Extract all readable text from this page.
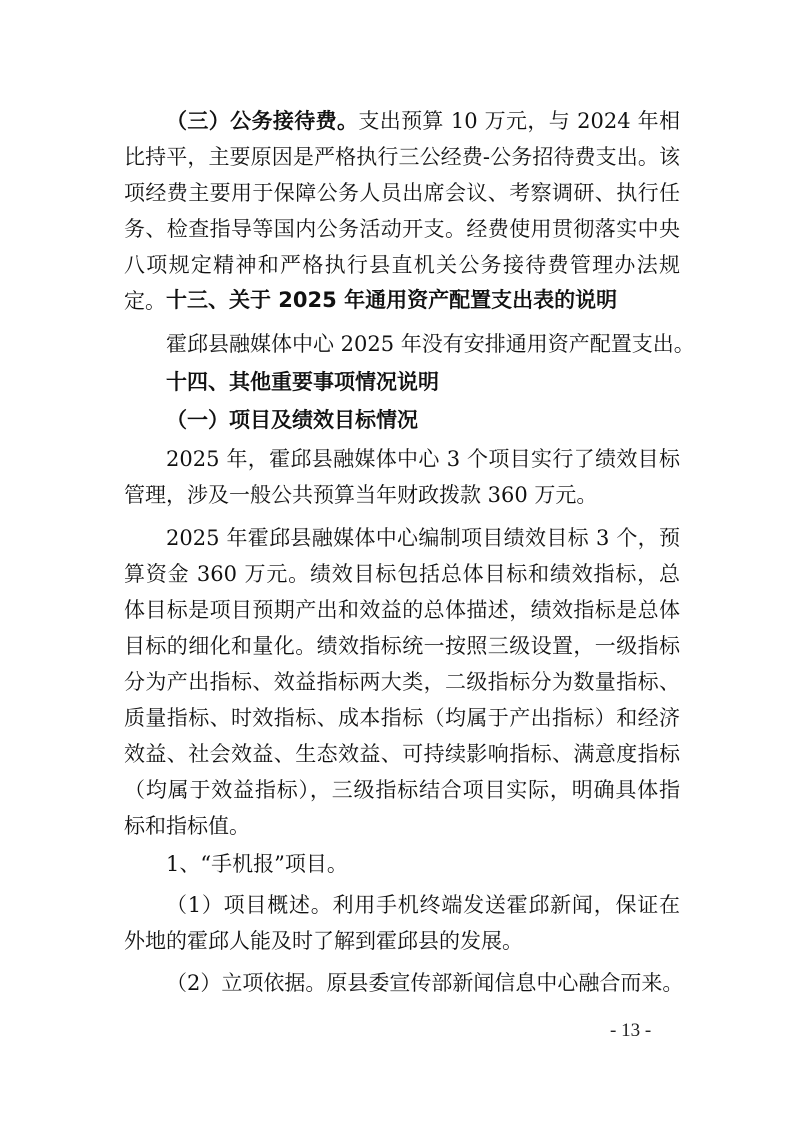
（三）公务接待费。支出预算 10 万元，与 2024 年相比持平，主要原因是严格执行三公经费-公务招待费支出。该项经费主要用于保障公务人员出席会议、考察调研、执行任务、检查指导等国内公务活动开支。经费使用贯彻落实中央八项规定精神和严格执行县直机关公务接待费管理办法规定。 十三、关于 2025 年通用资产配置支出表的说明

霍邱县融媒体中心 2025 年没有安排通用资产配置支出。

十四、其他重要事项情况说明

（一）项目及绩效目标情况

2025 年，霍邱县融媒体中心 3 个项目实行了绩效目标管理，涉及一般公共预算当年财政拨款 360 万元。

2025 年霍邱县融媒体中心编制项目绩效目标 3 个，预算资金 360 万元。绩效目标包括总体目标和绩效指标，总体目标是项目预期产出和效益的总体描述，绩效指标是总体目标的细化和量化。绩效指标统一按照三级设置，一级指标分为产出指标、效益指标两大类，二级指标分为数量指标、质量指标、时效指标、成本指标（均属于产出指标）和经济效益、社会效益、生态效益、可持续影响指标、满意度指标（均属于效益指标），三级指标结合项目实际，明确具体指标和指标值。

1、“手机报”项目。

（1）项目概述。利用手机终端发送霍邱新闻，保证在外地的霍邱人能及时了解到霍邱县的发展。

（2）立项依据。原县委宣传部新闻信息中心融合而来。

- 13 -
